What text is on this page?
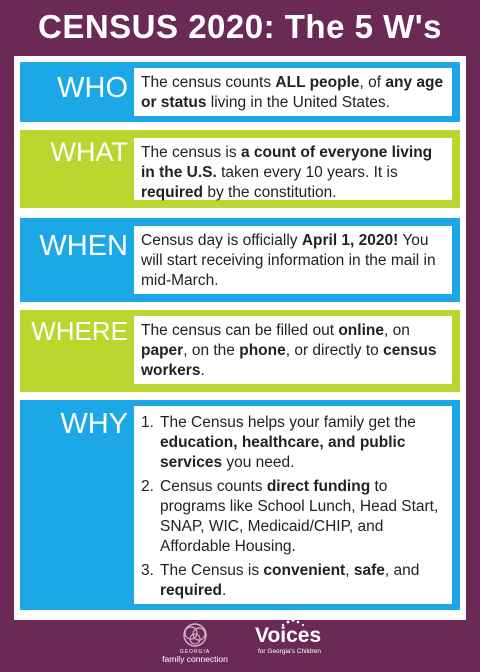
CENSUS 2020: The 5 W's
WHO The census counts ALL people, of any age or status living in the United States.
WHAT The census is a count of everyone living in the U.S. taken every 10 years. It is required by the constitution.
WHEN Census day is officially April 1, 2020! You will start receiving information in the mail in mid-March.
WHERE The census can be filled out online, on paper, on the phone, or directly to census workers.
WHY 1. The Census helps your family get the education, healthcare, and public services you need.
2. Census counts direct funding to programs like School Lunch, Head Start, SNAP, WIC, Medicaid/CHIP, and Affordable Housing.
3. The Census is convenient, safe, and required.
GEORGIA
family connection
Voices
for Georgia's Children
